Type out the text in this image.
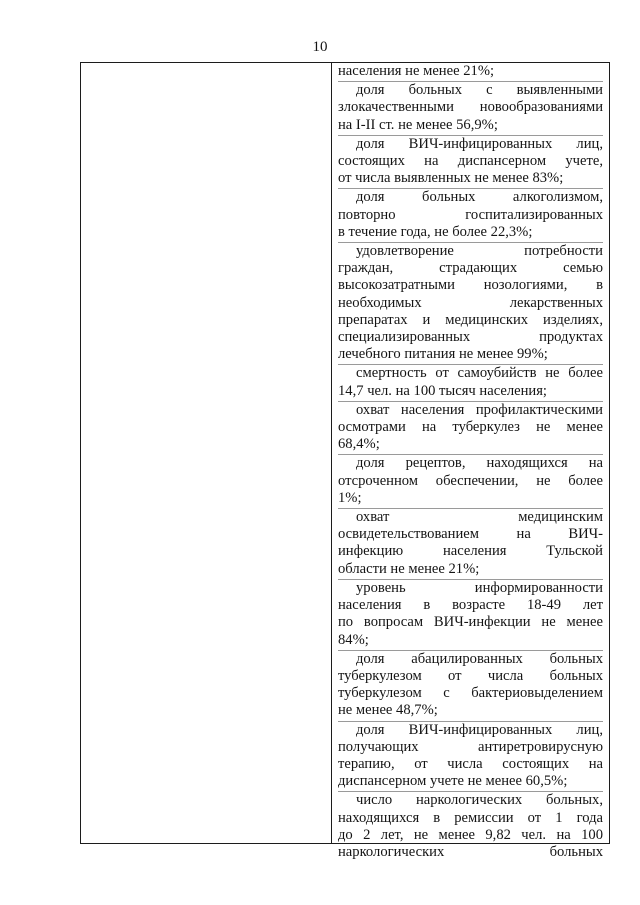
10
населения не менее 21%;
доля больных с выявленными
злокачественными новообразованиями
на I-II ст. не менее 56,9%;
доля ВИЧ-инфицированных лиц,
состоящих на диспансерном учете,
от числа выявленных не менее 83%;
доля больных алкоголизмом,
повторно госпитализированных
в течение года, не более 22,3%;
удовлетворение потребности
граждан, страдающих семью
высокозатратными нозологиями, в
необходимых лекарственных
препаратах и медицинских изделиях,
специализированных продуктах
лечебного питания не менее 99%;
смертность от самоубийств не более
14,7 чел. на 100 тысяч населения;
охват населения профилактическими
осмотрами на туберкулез не менее
68,4%;
доля рецептов, находящихся на
отсроченном обеспечении, не более
1%;
охват медицинским
освидетельствованием на ВИЧ-
инфекцию населения Тульской
области не менее 21%;
уровень информированности
населения в возрасте 18-49 лет
по вопросам ВИЧ-инфекции не менее
84%;
доля абацилированных больных
туберкулезом от числа больных
туберкулезом с бактериовыделением
не менее 48,7%;
доля ВИЧ-инфицированных лиц,
получающих антиретровирусную
терапию, от числа состоящих на
диспансерном учете не менее 60,5%;
число наркологических больных,
находящихся в ремиссии от 1 года
до 2 лет, не менее 9,82 чел. на 100
наркологических больных
